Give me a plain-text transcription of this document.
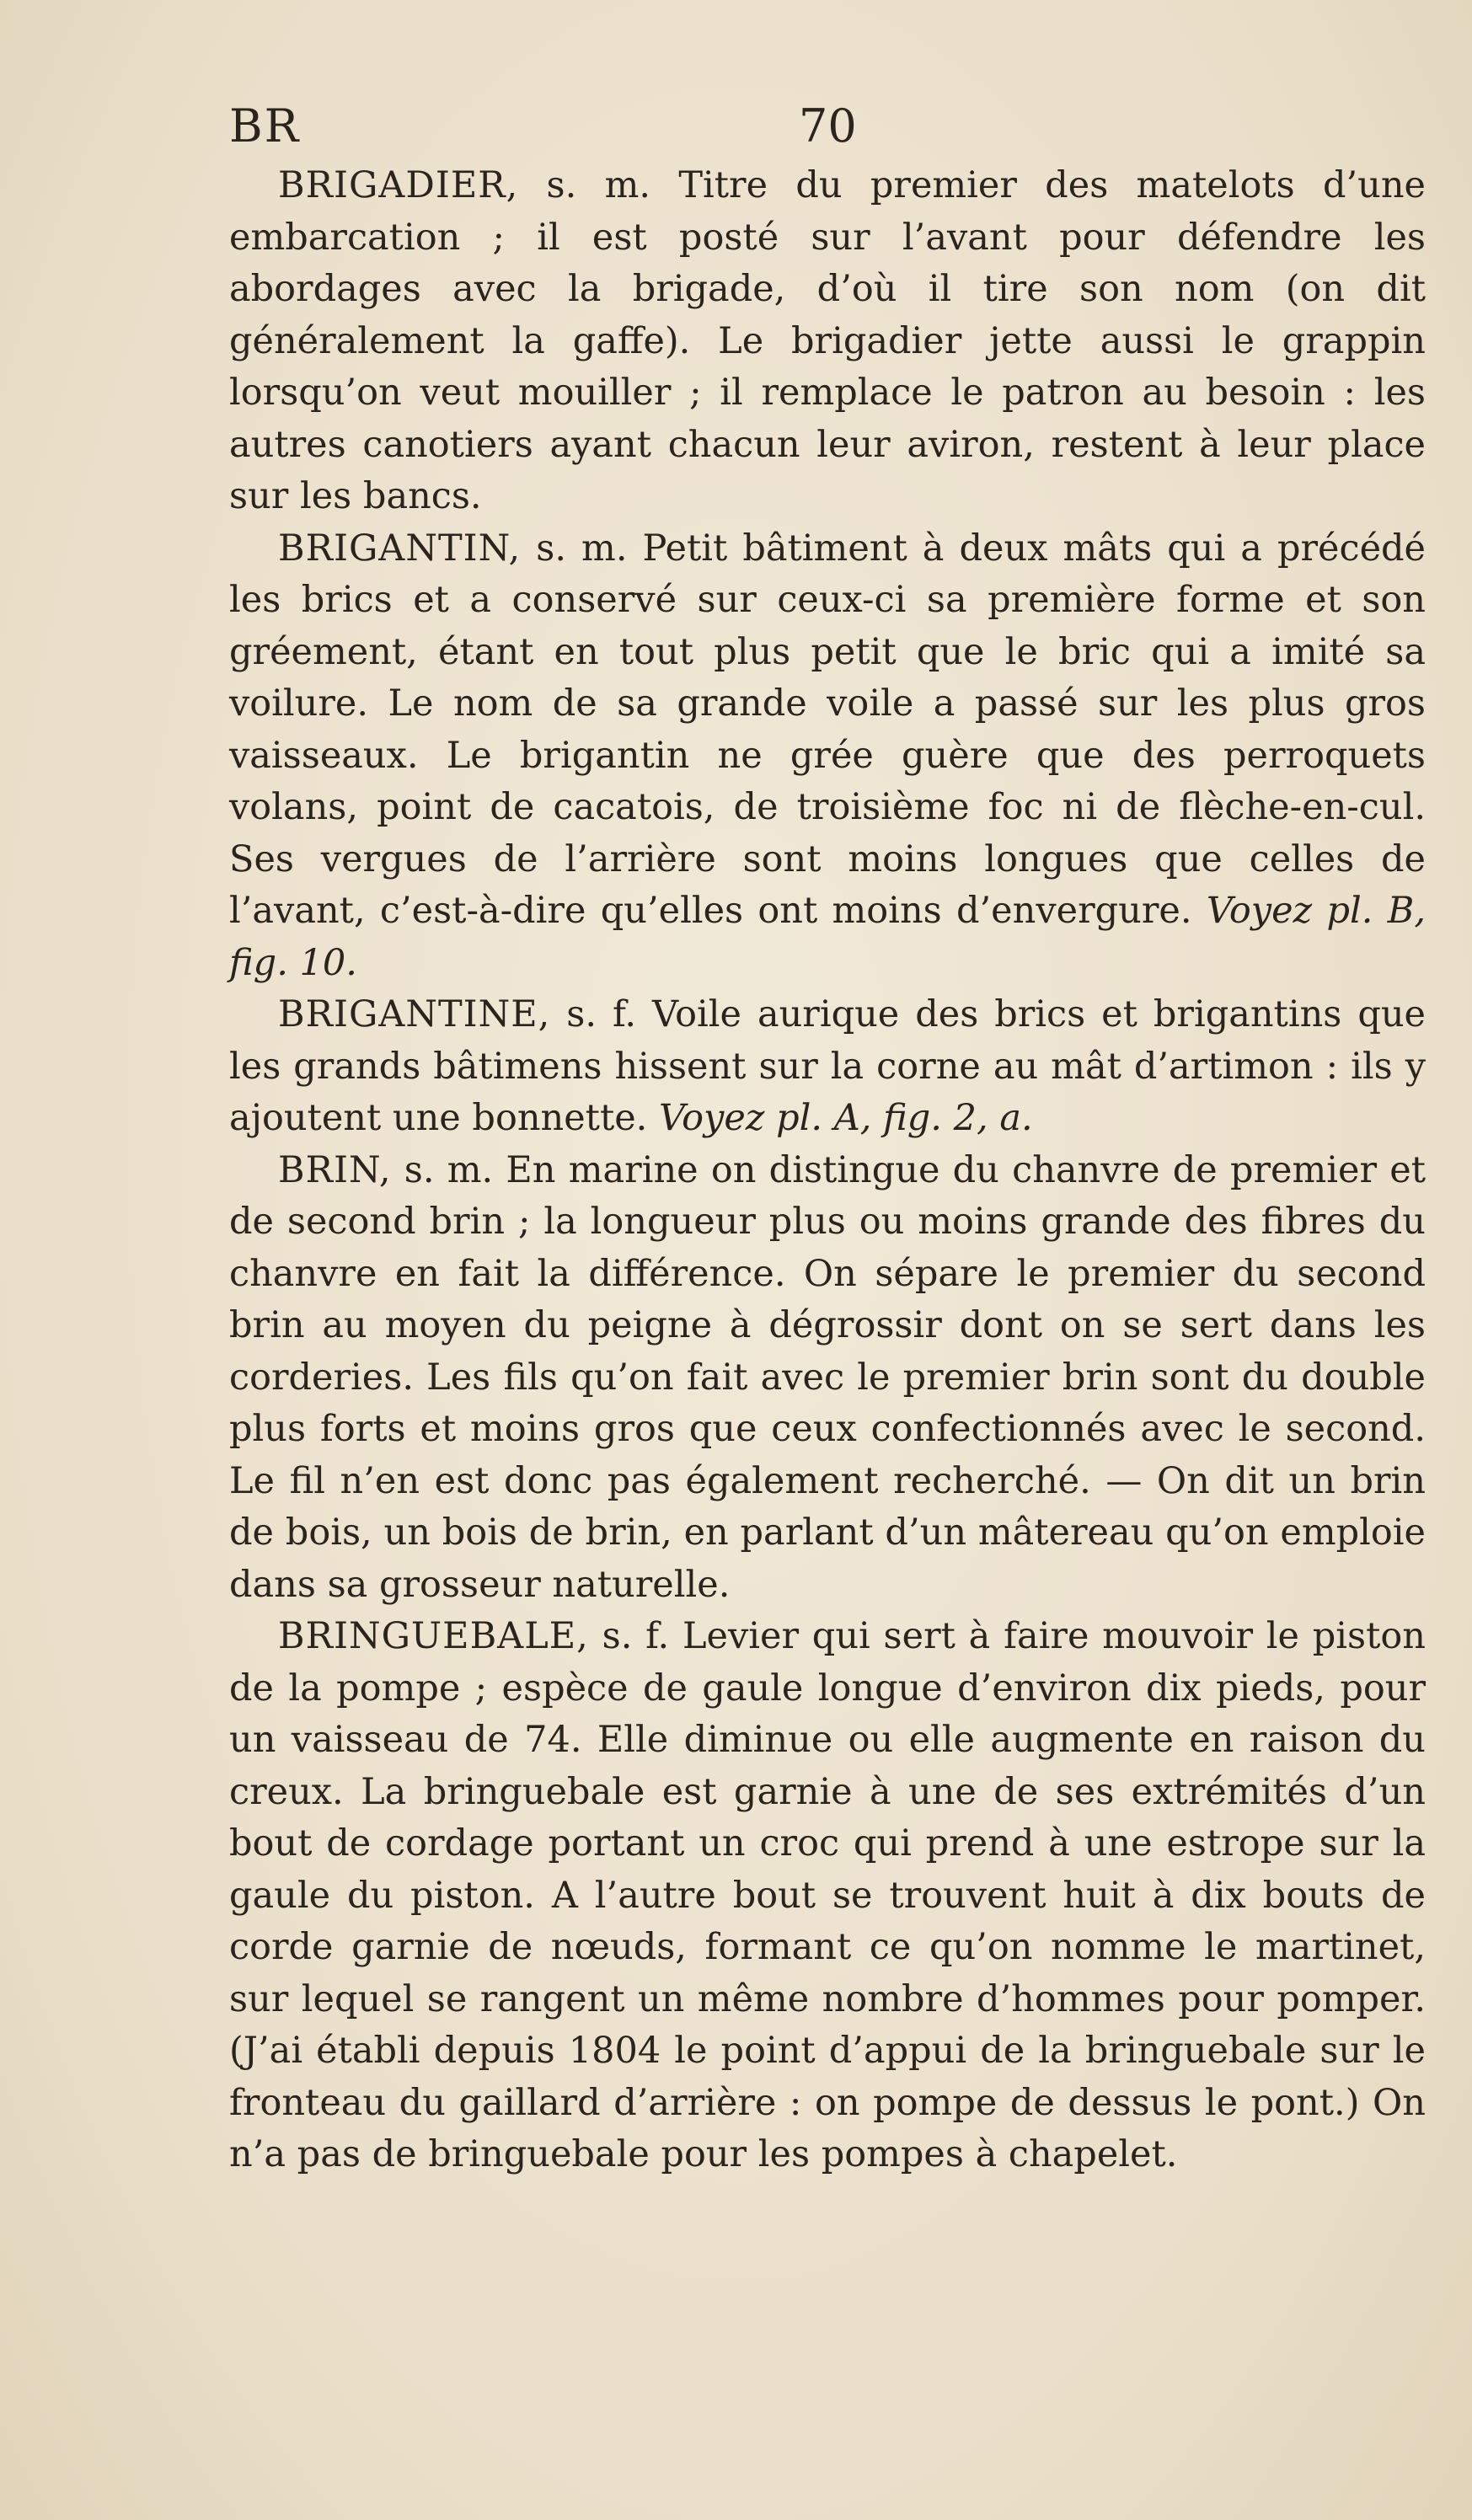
BR	70

BRIGADIER, s. m. Titre du premier des matelots d’une embarcation ; il est posté sur l’avant pour défendre les abordages avec la brigade, d’où il tire son nom (on dit généralement la gaffe). Le brigadier jette aussi le grappin lorsqu’on veut mouiller ; il remplace le patron au besoin : les autres canotiers ayant chacun leur aviron, restent à leur place sur les bancs.

BRIGANTIN, s. m. Petit bâtiment à deux mâts qui a précédé les brics et a conservé sur ceux-ci sa première forme et son gréement, étant en tout plus petit que le bric qui a imité sa voilure. Le nom de sa grande voile a passé sur les plus gros vaisseaux. Le brigantin ne grée guère que des perroquets volans, point de cacatois, de troisième foc ni de flèche-en-cul. Ses vergues de l’arrière sont moins longues que celles de l’avant, c’est-à-dire qu’elles ont moins d’envergure. Voyez pl. B, fig. 10.

BRIGANTINE, s. f. Voile aurique des brics et brigantins que les grands bâtimens hissent sur la corne au mât d’artimon : ils y ajoutent une bonnette. Voyez pl. A, fig. 2, a.

BRIN, s. m. En marine on distingue du chanvre de premier et de second brin ; la longueur plus ou moins grande des fibres du chanvre en fait la différence. On sépare le premier du second brin au moyen du peigne à dégrossir dont on se sert dans les corderies. Les fils qu’on fait avec le premier brin sont du double plus forts et moins gros que ceux confectionnés avec le second. Le fil n’en est donc pas également recherché. — On dit un brin de bois, un bois de brin, en parlant d’un mâtereau qu’on emploie dans sa grosseur naturelle.

BRINGUEBALE, s. f. Levier qui sert à faire mouvoir le piston de la pompe ; espèce de gaule longue d’environ dix pieds, pour un vaisseau de 74. Elle diminue ou elle augmente en raison du creux. La bringuebale est garnie à une de ses extrémités d’un bout de cordage portant un croc qui prend à une estrope sur la gaule du piston. A l’autre bout se trouvent huit à dix bouts de corde garnie de nœuds, formant ce qu’on nomme le martinet, sur lequel se rangent un même nombre d’hommes pour pomper. (J’ai établi depuis 1804 le point d’appui de la bringuebale sur le fronteau du gaillard d’arrière : on pompe de dessus le pont.) On n’a pas de bringuebale pour les pompes à chapelet.
